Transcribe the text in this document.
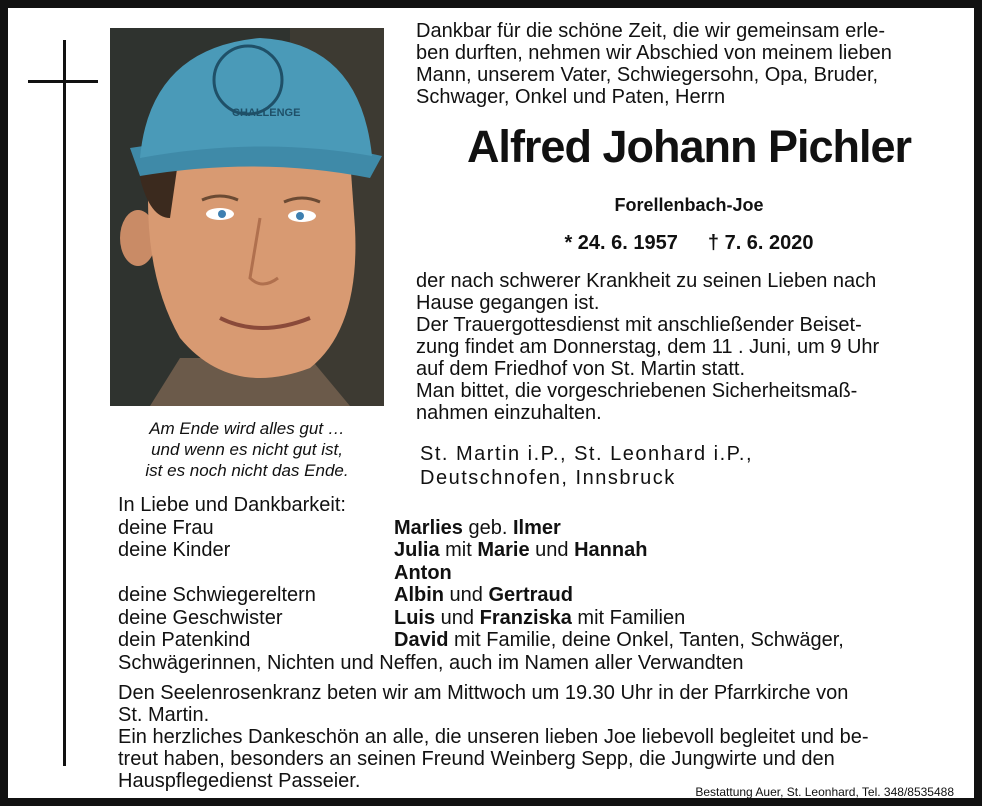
CHALLENGE
Am Ende wird alles gut …
und wenn es nicht gut ist,
ist es noch nicht das Ende.
Dankbar für die schöne Zeit, die wir gemeinsam erle-
ben durften, nehmen wir Abschied von meinem lieben
Mann, unserem Vater, Schwiegersohn, Opa, Bruder,
Schwager, Onkel und Paten, Herrn
Alfred Johann Pichler
Forellenbach-Joe
* 24. 6. 1957 † 7. 6. 2020
der nach schwerer Krankheit zu seinen Lieben nach
Hause gegangen ist.
Der Trauergottesdienst mit anschließender Beiset-
zung findet am Donnerstag, dem 11 . Juni, um 9 Uhr
auf dem Friedhof von St. Martin statt.
Man bittet, die vorgeschriebenen Sicherheitsmaß-
nahmen einzuhalten.
St. Martin i.P., St. Leonhard i.P.,
Deutschnofen, Innsbruck
In Liebe und Dankbarkeit:
deine Frau	Marlies geb. Ilmer
deine Kinder	Julia mit Marie und Hannah
Anton
deine Schwiegereltern	Albin und Gertraud
deine Geschwister	Luis und Franziska mit Familien
dein Patenkind	David mit Familie, deine Onkel, Tanten, Schwäger,
Schwägerinnen, Nichten und Neffen, auch im Namen aller Verwandten
Den Seelenrosenkranz beten wir am Mittwoch um 19.30 Uhr in der Pfarrkirche von
St. Martin.
Ein herzliches Dankeschön an alle, die unseren lieben Joe liebevoll begleitet und be-
treut haben, besonders an seinen Freund Weinberg Sepp, die Jungwirte und den
Hauspflegedienst Passeier.	Bestattung Auer, St. Leonhard, Tel. 348/8535488
